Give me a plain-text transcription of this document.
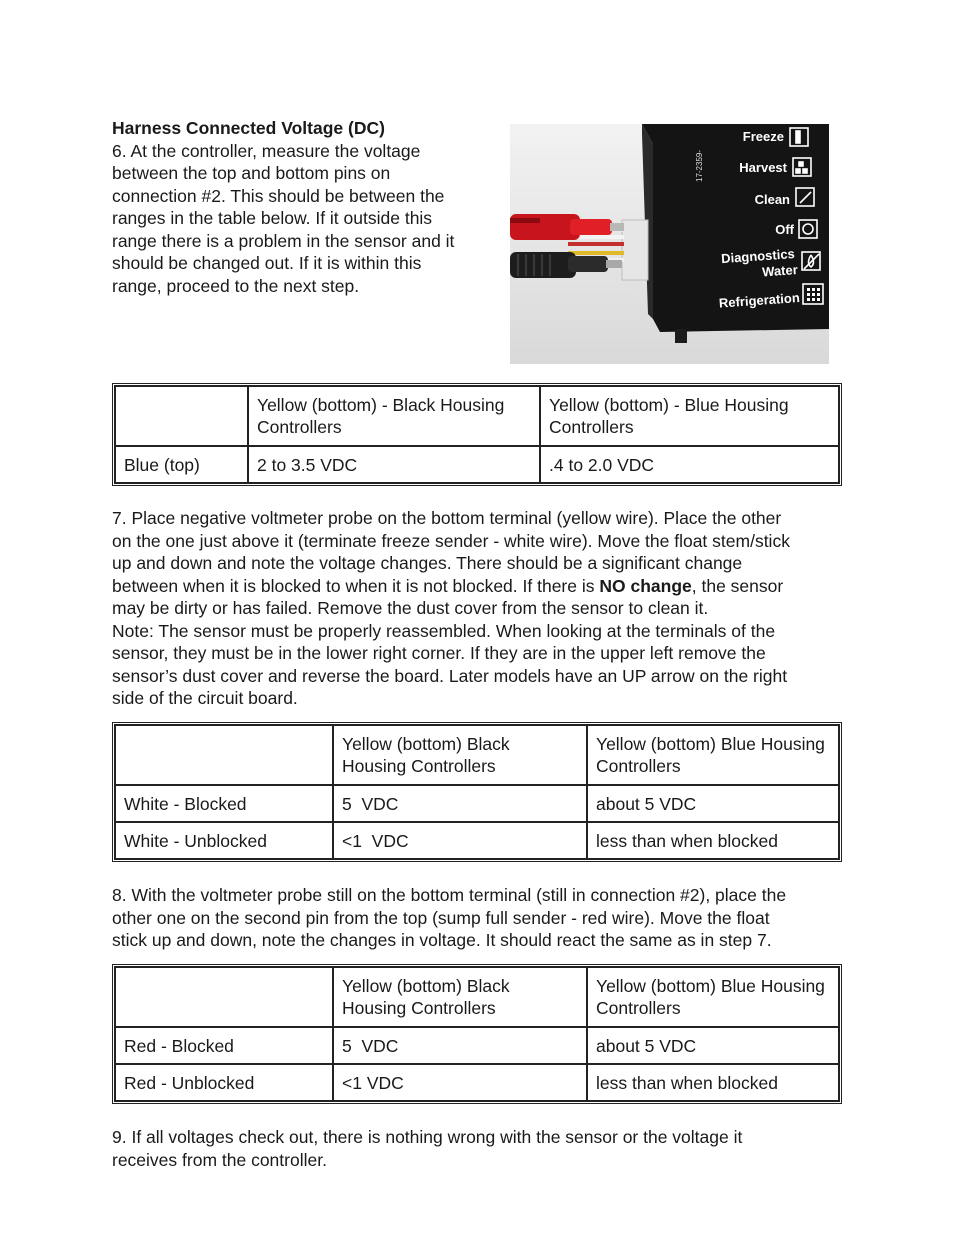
Harness Connected Voltage (DC)

6. At the controller, measure the voltage

between the top and bottom pins on

connection #2. This should be between the

ranges in the table below. If it outside this

range there is a problem in the sensor and it

should be changed out. If it is within this

range, proceed to the next step.

17-2359-
Freeze
Harvest
Clean
Off
Diagnostics
Water
Refrigeration
	Yellow (bottom) - Black Housing Controllers	Yellow (bottom) - Blue Housing Controllers
Blue (top)	2 to 3.5 VDC	.4 to 2.0 VDC

7. Place negative voltmeter probe on the bottom terminal (yellow wire). Place the other

on the one just above it (terminate freeze sender - white wire). Move the float stem/stick

up and down and note the voltage changes. There should be a significant change

between when it is blocked to when it is not blocked. If there is NO change, the sensor

may be dirty or has failed. Remove the dust cover from the sensor to clean it.

Note: The sensor must be properly reassembled. When looking at the terminals of the

sensor, they must be in the lower right corner. If they are in the upper left remove the

sensor’s dust cover and reverse the board. Later models have an UP arrow on the right

side of the circuit board.

	Yellow (bottom) Black Housing Controllers	Yellow (bottom) Blue Housing Controllers
White - Blocked	5  VDC	about 5 VDC
White - Unblocked	<1  VDC	less than when blocked

8. With the voltmeter probe still on the bottom terminal (still in connection #2), place the

other one on the second pin from the top (sump full sender - red wire). Move the float

stick up and down, note the changes in voltage. It should react the same as in step 7.

	Yellow (bottom) Black Housing Controllers	Yellow (bottom) Blue Housing Controllers
Red - Blocked	5  VDC	about 5 VDC
Red - Unblocked	<1 VDC	less than when blocked

9. If all voltages check out, there is nothing wrong with the sensor or the voltage it

receives from the controller.
